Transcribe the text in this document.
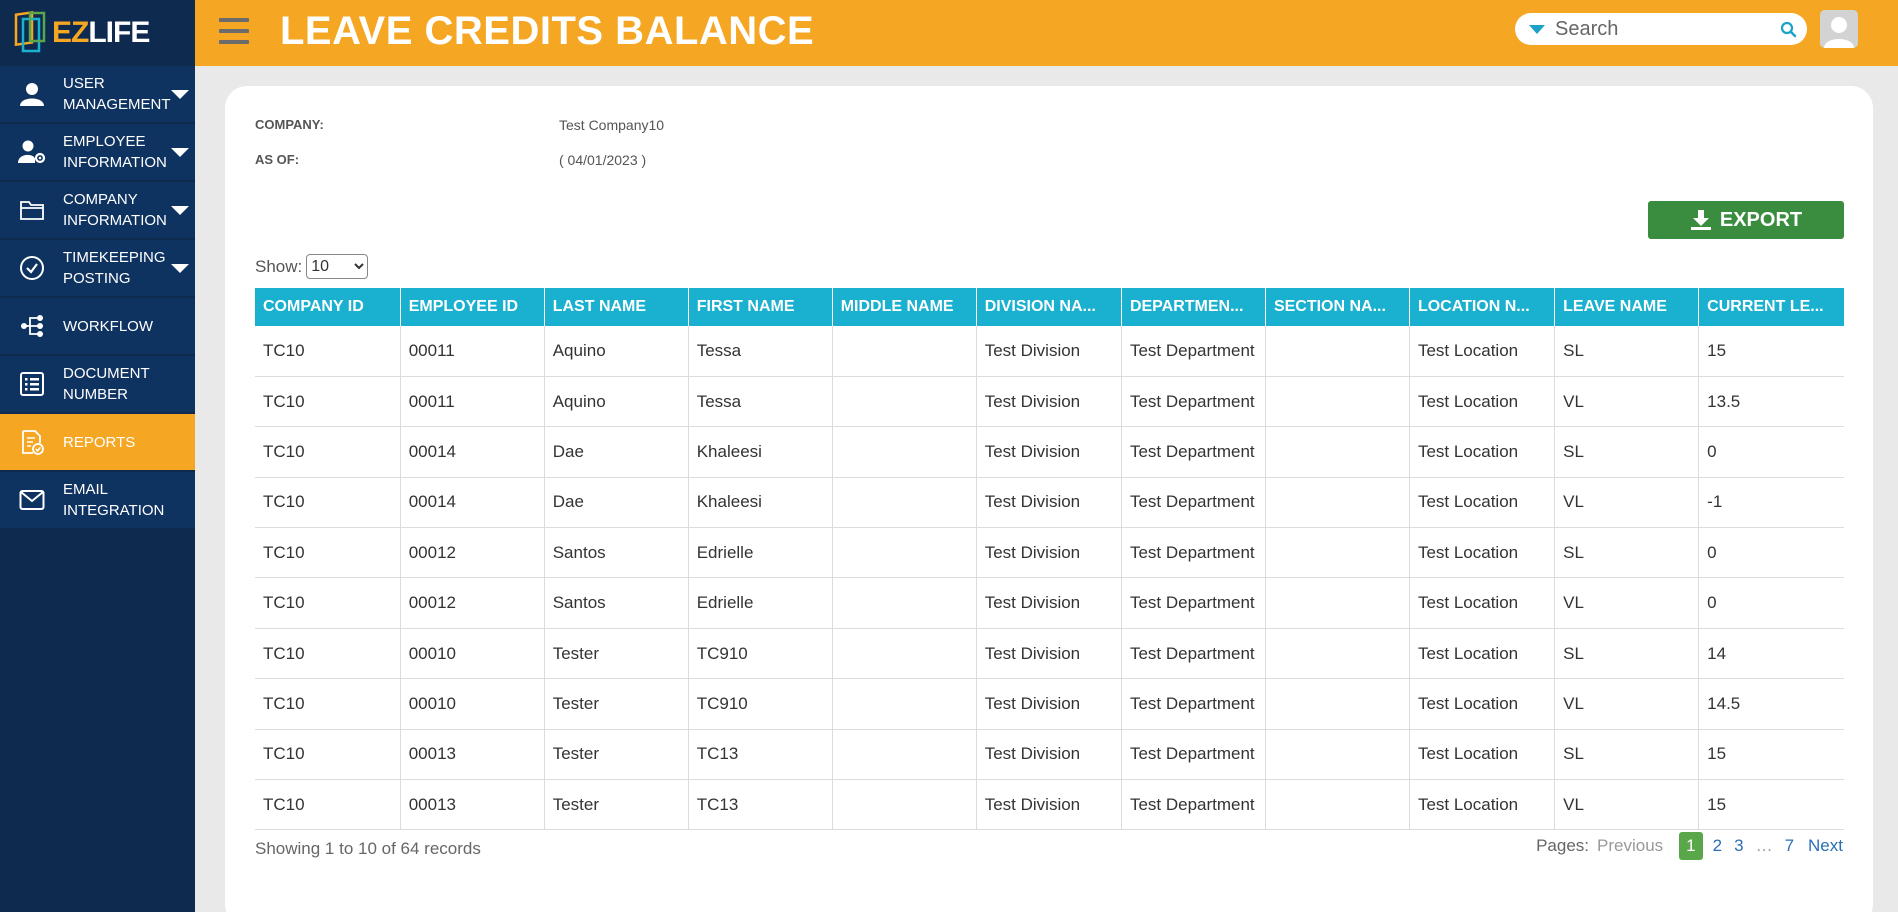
EZLIFE
USER MANAGEMENT
EMPLOYEE INFORMATION
COMPANY INFORMATION
TIMEKEEPING POSTING
WORKFLOW
DOCUMENT NUMBER
REPORTS
EMAIL INTEGRATION
LEAVE CREDITS BALANCE
Search
COMPANY:	Test Company10
AS OF:	( 04/01/2023 )
EXPORT
Show:
10
COMPANY ID	EMPLOYEE ID	LAST NAME	FIRST NAME	MIDDLE NAME	DIVISION NA...	DEPARTMEN...	SECTION NA...	LOCATION N...	LEAVE NAME	CURRENT LE...
TC10	00011	Aquino	Tessa		Test Division	Test Department		Test Location	SL	15
TC10	00011	Aquino	Tessa		Test Division	Test Department		Test Location	VL	13.5
TC10	00014	Dae	Khaleesi		Test Division	Test Department		Test Location	SL	0
TC10	00014	Dae	Khaleesi		Test Division	Test Department		Test Location	VL	-1
TC10	00012	Santos	Edrielle		Test Division	Test Department		Test Location	SL	0
TC10	00012	Santos	Edrielle		Test Division	Test Department		Test Location	VL	0
TC10	00010	Tester	TC910		Test Division	Test Department		Test Location	SL	14
TC10	00010	Tester	TC910		Test Division	Test Department		Test Location	VL	14.5
TC10	00013	Tester	TC13		Test Division	Test Department		Test Location	SL	15
TC10	00013	Tester	TC13		Test Division	Test Department		Test Location	VL	15
Showing 1 to 10 of 64 records	Pages: Previous	1	2 3 … 7 Next
